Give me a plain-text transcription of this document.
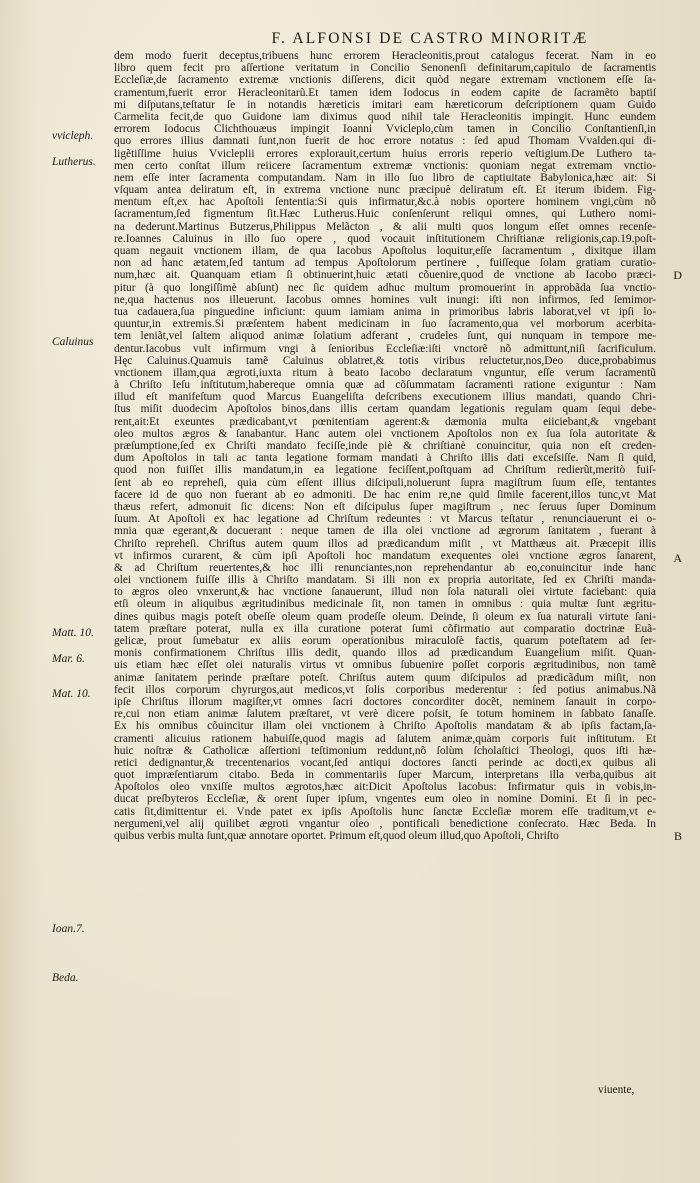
F. ALFONSI DE CASTRO MINORITÆ
dem modo fuerit deceptus,tribuens hunc errorem Heracleonitis,prout catalogus fecerat. Nam in eo
libro quem fecit pro aſſertione veritatum in Concilio Senonenſi definitarum,capitulo de ſacramentis
Eccleſiæ,de ſacramento extremæ vnctionis diſſerens, dicit quòd negare extremam vnctionem eſſe ſa-
cramentum,fuerit error Heracleonitarũ.Et tamen idem Iodocus in eodem capite de ſacramẽto baptiſ
mi diſputans,teſtatur ſe in notandis hæreticis imitari eam hæreticorum deſcriptionem quam Guido
Carmelita fecit,de quo Guidone iam diximus quod nihil tale Heracleonitis impingit. Hunc eundem
errorem Iodocus Clichthouæus impingit Ioanni Vvicleplo,cùm tamen in Concilio Conſtantienſi,in
quo errores illius damnati ſunt,non fuerit de hoc errore notatus : ſed apud Thomam Vvalden.qui di-
ligẽtiſſime huius Vvicleplii errores explorauit,certum huius erroris reperio veſtigium.De Luthero ta-
men certo conſtat illum reiicere ſacramentum extremæ vnctionis: quoniam negat extremam vnctio-
nem eſſe inter ſacramenta computandam. Nam in illo ſuo libro de captiuitate Babylonica,hæc ait: Si
vſquam antea deliratum eſt, in extrema vnctione nunc præcipuè deliratum eſt. Et iterum ibidem. Fig-
mentum eſt,ex hac Apoſtoli ſententia:Si quis infirmatur,&c.à nobis oportere hominem vngi,cùm nõ
ſacramentum,ſed figmentum ſit.Hæc Lutherus.Huic conſenſerunt reliqui omnes, qui Luthero nomi-
na dederunt.Martinus Butzerus,Philippus Melãcton , & alii multi quos longum eſſet omnes recenſe-
re.Ioannes Caluinus in illo ſuo opere , quod vocauit inſtitutionem Chriſtianæ religionis,cap.19.poſt-
quam negauit vnctionem illam, de qua Iacobus Apoſtolus loquitur,eſſe ſacramentum , dixitque illam
non ad hanc ætatem,ſed tantum ad tempus Apoſtolorum pertinere , fuiſſeque ſolam gratiam curatio-
num,hæc ait. Quanquam etiam ſi obtinuerint,huic ætati cõuenire,quod de vnctione ab Iacobo præci-
pitur (à quo longiſſimè abſunt) nec ſic quidem adhuc multum promouerint in approbãda ſua vnctio-
ne,qua hactenus nos illeuerunt. Iacobus omnes homines vult inungi: iſti non infirmos, ſed ſemimor-
tua cadauera,ſua pinguedine inficiunt: quum iamiam anima in primoribus labris laborat,vel vt ipſi lo-
quuntur,in extremis.Si præſentem habent medicinam in ſuo ſacramento,qua vel morborum acerbita-
tem leniãt,vel ſaltem aliquod animæ ſolatium adferant , crudeles ſunt, qui nunquam in tempore me-
dentur.Iacobus vult infirmum vngi à ſenioribus Eccleſiæ:iſti vnctorẽ nõ admittunt,niſi ſacrificulum.
Hęc Caluinus.Quamuis tamẽ Caluinus oblatret,& totis viribus reluctetur,nos,Deo duce,probabimus
vnctionem illam,qua ægroti,iuxta ritum à beato Iacobo declaratum vnguntur, eſſe verum ſacramentũ
à Chriſto Ieſu inſtitutum,habereque omnia quæ ad cõſummatam ſacramenti ratione exiguntur : Nam
illud eſt manifeſtum quod Marcus Euangeliſta deſcribens executionem illius mandati, quando Chri-
ſtus miſit duodecim Apoſtolos binos,dans illis certam quandam legationis regulam quam ſequi debe-
rent,ait:Et exeuntes prædicabant,vt pœnitentiam agerent:& dæmonia multa eiiciebant,& vngebant
oleo multos ægros & ſanabantur. Hanc autem olei vnctionem Apoſtolos non ex ſua ſola autoritate &
præſumptione,ſed ex Chriſti mandato feciſſe,inde piè & chriſtianè conuincitur, quia non eſt creden-
dum Apoſtolos in tali ac tanta legatione formam mandati à Chriſto illis dati exceſsiſſe. Nam ſi quid,
quod non fuiſſet illis mandatum,in ea legatione feciſſent,poſtquam ad Chriſtum redierũt,meritò fuiſ-
ſent ab eo repreheſi, quia cùm eſſent illius diſcipuli,noluerunt ſupra magiſtrum ſuum eſſe, tentantes
facere id de quo non fuerant ab eo admoniti. De hac enim re,ne quid ſimile facerent,illos tunc,vt Mat
thæus refert, admonuit ſic dicens: Non eſt diſcipulus ſuper magiſtrum , nec ſeruus ſuper Dominum
ſuum. At Apoſtoli ex hac legatione ad Chriſtum redeuntes : vt Marcus teſtatur , renunciauerunt ei o-
mnia quæ egerant,& docuerant : neque tamen de illa olei vnctione ad ægrorum ſanitatem , fuerant à
Chriſto repreheſi. Chriſtus autem quum illos ad prædicandum miſit , vt Matthæus ait. Præcepit illis
vt infirmos curarent, & cùm ipſi Apoſtoli hoc mandatum exequentes olei vnctione ægros ſanarent,
& ad Chriſtum reuertentes,& hoc illi renunciantes,non reprehendantur ab eo,conuincitur inde hanc
olei vnctionem fuiſſe illis à Chriſto mandatam. Si illi non ex propria autoritate, ſed ex Chriſti manda-
to ægros oleo vnxerunt,& hac vnctione ſanauerunt, illud non ſola naturali olei virtute faciebant: quia
etſi oleum in aliquibus ægritudinibus medicinale ſit, non tamen in omnibus : quia multæ ſunt ægritu-
dines quibus magis poteſt obeſſe oleum quam prodeſſe oleum. Deinde, ſi oleum ex ſua naturali virtute ſani-
tatem præſtare poterat, nulla ex illa curatione poterat ſumi cõfirmatio aut comparatio doctrinæ Euã-
gelicæ, prout ſumebatur ex aliis eorum operationibus miraculoſè factis, quarum poteſtatem ad ſer-
monis confirmationem Chriſtus illis dedit, quando illos ad prædicandum Euangelium miſit. Quan-
uis etiam hæc eſſet olei naturalis virtus vt omnibus ſubuenire poſſet corporis ægritudinibus, non tamẽ
animæ ſanitatem perinde præſtare poteſt. Chriſtus autem quum diſcipulos ad prædicãdum miſit, non
fecit illos corporum chyrurgos,aut medicos,vt ſolis corporibus mederentur : ſed potius animabus.Nã
ipſe Chriſtus illorum magiſter,vt omnes ſacri doctores concorditer docẽt, neminem ſanauit in corpo-
re,cui non etiam animæ ſalutem præſtaret, vt verè dicere poſsit, ſe totum hominem in ſabbato ſanaſſe.
Ex his omnibus cõuincitur illam olei vnctionem à Chriſto Apoſtolis mandatam & ab ipſis factam,ſa-
cramenti alicuius rationem habuiſſe,quod magis ad ſalutem animæ,quàm corporis fuit inſtitutum. Et
huic noſtræ & Catholicæ aſſertioni teſtimonium reddunt,nõ ſolùm ſcholaſtici Theologi, quos iſti hæ-
retici dedignantur,& trecentenarios vocant,ſed antiqui doctores ſancti perinde ac docti,ex quibus ali
quot impræſentiarum citabo. Beda in commentariis ſuper Marcum, interpretans illa verba,quibus ait
Apoſtolos oleo vnxiſſe multos ægrotos,hæc ait:Dicit Apoſtolus Iacobus: Infirmatur quis in vobis,in-
ducat preſbyteros Eccleſiæ, & orent ſuper ipſum, vngentes eum oleo in nomine Domini. Et ſi in pec-
catis ſit,dimittentur ei. Vnde patet ex ipſis Apoſtolis hunc ſanctæ Eccleſiæ morem eſſe traditum,vt e-
nergumeni,vel alij quilibet ægroti vngantur oleo , pontificali benedictione conſecrato. Hæc Beda. In
quibus verbis multa ſunt,quæ annotare oportet. Primum eſt,quod oleum illud,quo Apoſtoli, Chriſto
vvicleph.
Lutherus.
Caluinus
Matt. 10.
Mar. 6.
Mat. 10.
Ioan.7.
Beda.
D
A
B
viuente,
